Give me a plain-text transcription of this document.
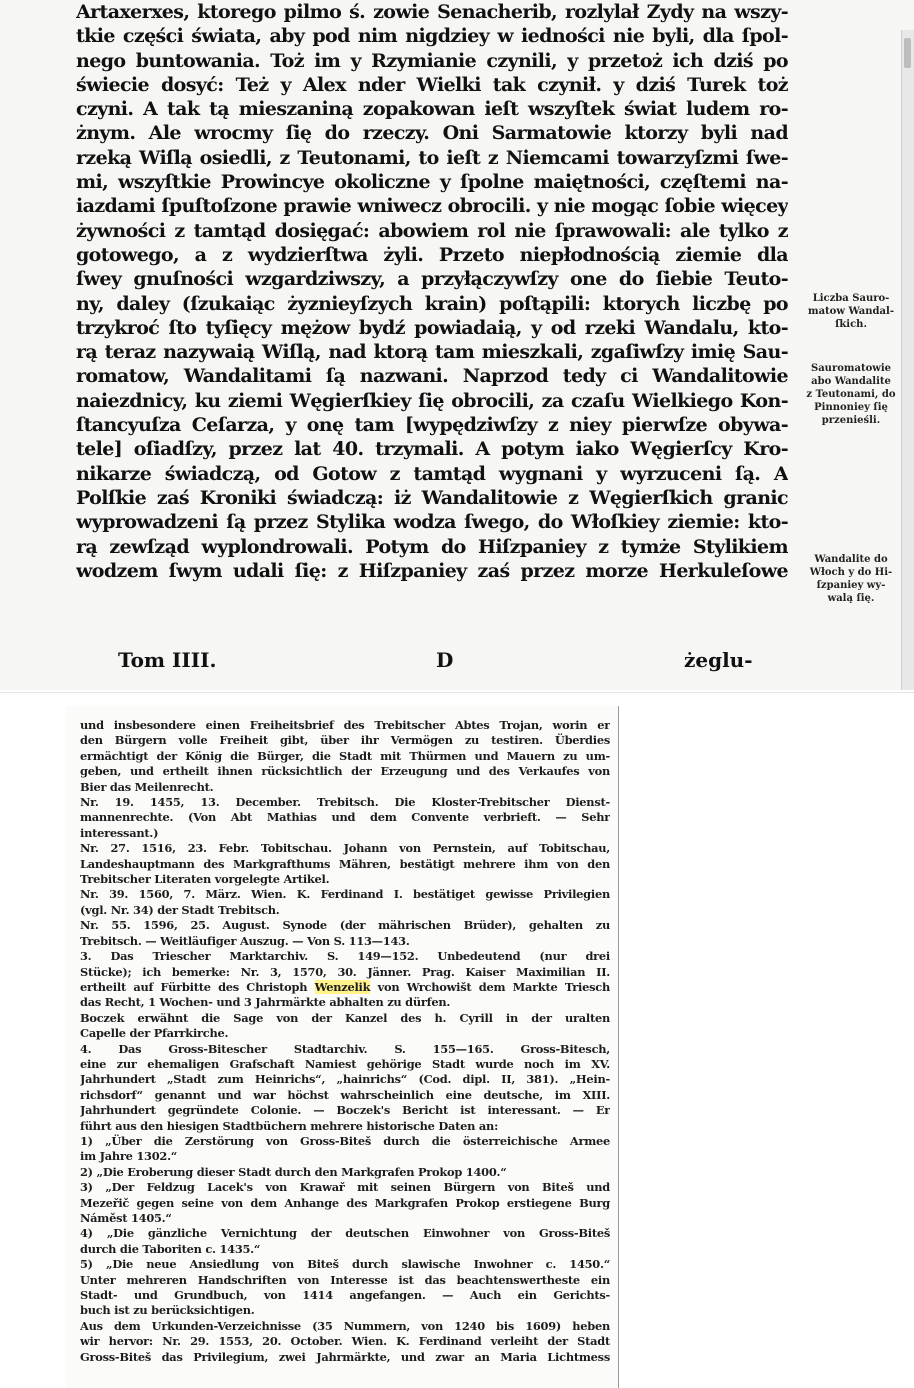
Artaxerxes, ktorego pilmo ś. zowie Senacherib, rozlylał Zydy na wszy-
tkie części świata, aby pod nim nigdziey w iedności nie byli, dla ſpol-
nego buntowania. Toż im y Rzymianie czynili, y przetoż ich dziś po
świecie dosyć: Też y Alex nder Wielki tak czynił. y dziś Turek toż
czyni. A tak tą mieszaniną zopakowan ieſt wszyſtek świat ludem ro-
żnym. Ale wrocmy ſię do rzeczy. Oni Sarmatowie ktorzy byli nad
rzeką Wiſlą osiedli, z Teutonami, to ieſt z Niemcami towarzyſzmi ſwe-
mi, wszyſtkie Prowincye okoliczne y ſpolne maiętności, częſtemi na-
iazdami ſpuſtoſzone prawie wniwecz obrocili. y nie mogąc ſobie więcey
żywności z tamtąd dosięgać: abowiem rol nie ſprawowali: ale tylko z
gotowego, a z wydzierſtwa żyli. Przeto niepłodnością ziemie dla
ſwey gnuſności wzgardziwszy, a przyłączywſzy one do ſiebie Teuto-
ny, daley (ſzukaiąc żyznieyſzych krain) poſtąpili: ktorych liczbę po
trzykroć ſto tyſięcy mężow bydź powiadaią, y od rzeki Wandalu, kto-
rą teraz nazywaią Wiſlą, nad ktorą tam mieszkali, zgaſiwſzy imię Sau-
romatow, Wandalitami ſą nazwani. Naprzod tedy ci Wandalitowie
naiezdnicy, ku ziemi Węgierſkiey ſię obrocili, za czaſu Wielkiego Kon-
ſtancyuſza Ceſarza, y onę tam [wypędziwſzy z niey pierwſze obywa-
tele] oſiadſzy, przez lat 40. trzymali. A potym iako Węgierſcy Kro-
nikarze świadczą, od Gotow z tamtąd wygnani y wyrzuceni ſą. A
Polſkie zaś Kroniki świadczą: iż Wandalitowie z Węgierſkich granic
wyprowadzeni ſą przez Stylika wodza ſwego, do Włoſkiey ziemie: kto-
rą zewſząd wyplondrowali. Potym do Hiſzpaniey z tymże Stylikiem
wodzem ſwym udali ſię: z Hiſzpaniey zaś przez morze Herkuleſowe
Liczba Sauro-
matow Wandal-
ſkich.
Sauromatowie
abo Wandalite
z Teutonami, do
Pinnoniey ſię
przenieśli.
Wandalite do
Włoch y do Hi-
ſzpaniey wy-
walą ſię.
Tom IIII.	D	żeglu-
und insbesondere einen Freiheitsbrief des Trebitscher Abtes Trojan, worin er
den Bürgern volle Freiheit gibt, über ihr Vermögen zu testiren. Überdies
ermächtigt der König die Bürger, die Stadt mit Thürmen und Mauern zu um-
geben, und ertheilt ihnen rücksichtlich der Erzeugung und des Verkaufes von
Bier das Meilenrecht.
Nr. 19. 1455, 13. December. Trebitsch. Die Kloster-Trebitscher Dienst-
mannenrechte. (Von Abt Mathias und dem Convente verbrieft. — Sehr
interessant.)
Nr. 27. 1516, 23. Febr. Tobitschau. Johann von Pernstein, auf Tobitschau,
Landeshauptmann des Markgrafthums Mähren, bestätigt mehrere ihm von den
Trebitscher Literaten vorgelegte Artikel.
Nr. 39. 1560, 7. März. Wien. K. Ferdinand I. bestätiget gewisse Privilegien
(vgl. Nr. 34) der Stadt Trebitsch.
Nr. 55. 1596, 25. August. Synode (der mährischen Brüder), gehalten zu
Trebitsch. — Weitläufiger Auszug. — Von S. 113—143.
3. Das Triescher Marktarchiv. S. 149—152. Unbedeutend (nur drei
Stücke); ich bemerke: Nr. 3, 1570, 30. Jänner. Prag. Kaiser Maximilian II.
ertheilt auf Fürbitte des Christoph Wenzelik von Wrchowišt dem Markte Triesch
das Recht, 1 Wochen- und 3 Jahrmärkte abhalten zu dürfen.
Boczek erwähnt die Sage von der Kanzel des h. Cyrill in der uralten
Capelle der Pfarrkirche.
4. Das Gross-Bitescher Stadtarchiv. S. 155—165. Gross-Bitesch,
eine zur ehemaligen Grafschaft Namiest gehörige Stadt wurde noch im XV.
Jahrhundert „Stadt zum Heinrichs“, „hainrichs“ (Cod. dipl. II, 381). „Hein-
richsdorf“ genannt und war höchst wahrscheinlich eine deutsche, im XIII.
Jahrhundert gegründete Colonie. — Boczek's Bericht ist interessant. — Er
führt aus den hiesigen Stadtbüchern mehrere historische Daten an:
1) „Über die Zerstörung von Gross-Biteš durch die österreichische Armee
im Jahre 1302.“
2) „Die Eroberung dieser Stadt durch den Markgrafen Prokop 1400.“
3) „Der Feldzug Lacek's von Krawař mit seinen Bürgern von Biteš und
Mezeřič gegen seine von dem Anhange des Markgrafen Prokop erstiegene Burg
Náměst 1405.“
4) „Die gänzliche Vernichtung der deutschen Einwohner von Gross-Biteš
durch die Taboriten c. 1435.“
5) „Die neue Ansiedlung von Biteš durch slawische Inwohner c. 1450.“
Unter mehreren Handschriften von Interesse ist das beachtenswertheste ein
Stadt- und Grundbuch, von 1414 angefangen. — Auch ein Gerichts-
buch ist zu berücksichtigen.
Aus dem Urkunden-Verzeichnisse (35 Nummern, von 1240 bis 1609) heben
wir hervor: Nr. 29. 1553, 20. October. Wien. K. Ferdinand verleiht der Stadt
Gross-Biteš das Privilegium, zwei Jahrmärkte, und zwar an Maria Lichtmess
